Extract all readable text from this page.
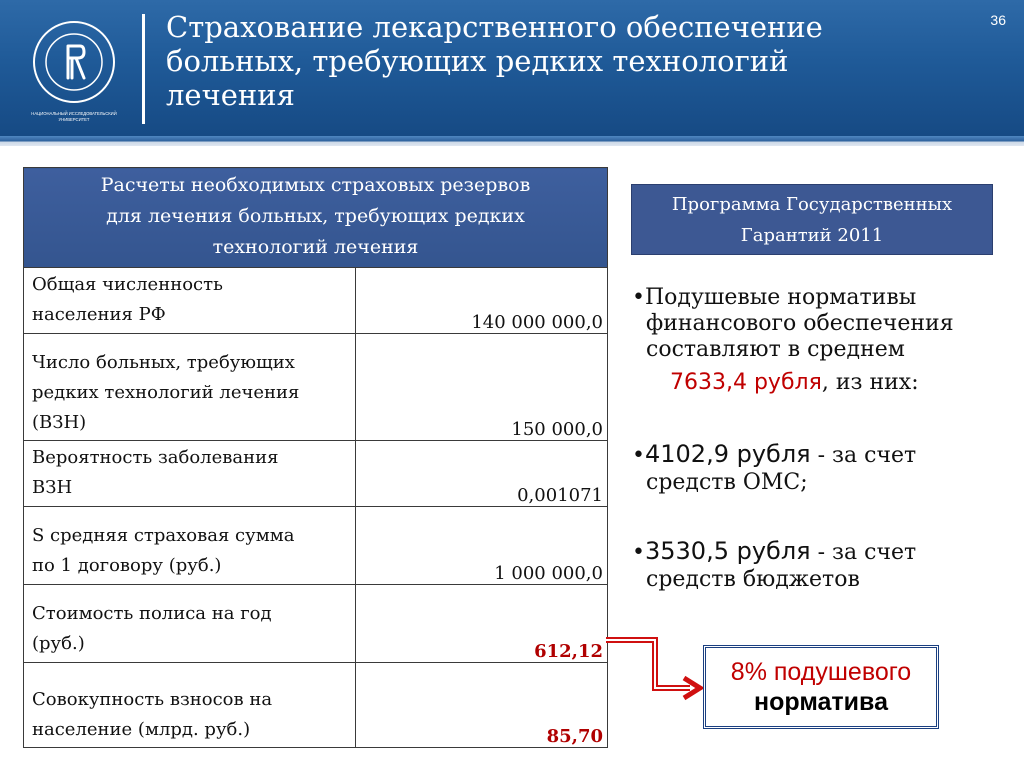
НАЦИОНАЛЬНЫЙ ИССЛЕДОВАТЕЛЬСКИЙ
УНИВЕРСИТЕТ
Страхование лекарственного обеспечение
больных, требующих редких технологий
лечения
36
Расчеты необходимых страховых резервов
для лечения больных, требующих редких
технологий лечения	

Общая численность
населения РФ	140 000 000,0

Число больных, требующих
редких технологий лечения
(ВЗН)	150 000,0

Вероятность заболевания
ВЗН	0,001071

S средняя страховая сумма
по 1 договору (руб.)	1 000 000,0

Стоимость полиса на год
(руб.)	612,12

Совокупность взносов на
население (млрд. руб.)	85,70
Программа Государственных
Гарантий 2011
•Подушевые нормативы
финансового обеспечения
составляют в среднем
7633,4 рубля, из них:
•4102,9 рубля - за счет
средств ОМС;
•3530,5 рубля - за счет
средств бюджетов
8% подушевого
норматива
